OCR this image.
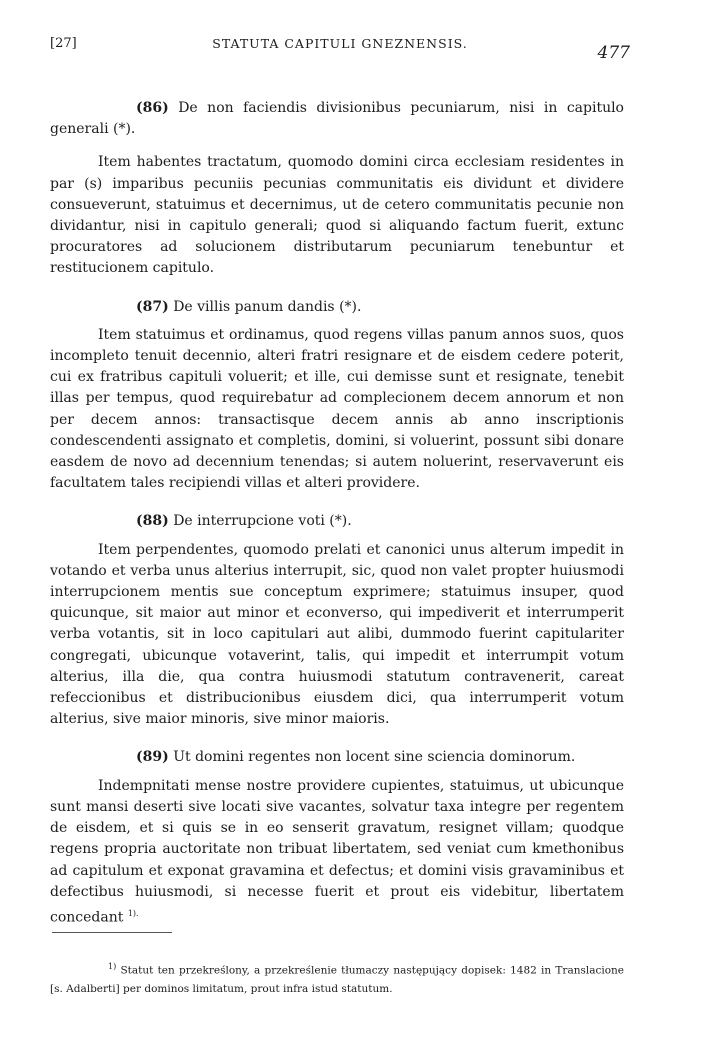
[27]	STATUTA CAPITULI GNEZNENSIS.	477

(86) De non faciendis divisionibus pecuniarum, nisi in capitulo generali (*).

Item habentes tractatum, quomodo domini circa ecclesiam residentes in par (s) imparibus pecuniis pecunias communitatis eis dividunt et dividere consueverunt, statuimus et decernimus, ut de cetero communitatis pecunie non dividantur, nisi in capitulo generali; quod si aliquando factum fuerit, extunc procuratores ad solucionem distributarum pecuniarum tenebuntur et restitucionem capitulo.

(87) De villis panum dandis (*).

Item statuimus et ordinamus, quod regens villas panum annos suos, quos incompleto tenuit decennio, alteri fratri resignare et de eisdem cedere poterit, cui ex fratribus capituli voluerit; et ille, cui demisse sunt et resignate, tenebit illas per tempus, quod requirebatur ad complecionem decem annorum et non per decem annos: transactisque decem annis ab anno inscriptionis condescendenti assignato et completis, domini, si voluerint, possunt sibi donare easdem de novo ad decennium tenendas; si autem noluerint, reservaverunt eis facultatem tales recipiendi villas et alteri providere.

(88) De interrupcione voti (*).

Item perpendentes, quomodo prelati et canonici unus alterum impedit in votando et verba unus alterius interrupit, sic, quod non valet propter huiusmodi interrupcionem mentis sue conceptum exprimere; statuimus insuper, quod quicunque, sit maior aut minor et econverso, qui impediverit et interrumperit verba votantis, sit in loco capitulari aut alibi, dummodo fuerint capitulariter congregati, ubicunque votaverint, talis, qui impedit et interrumpit votum alterius, illa die, qua contra huiusmodi statutum contravenerit, careat refeccionibus et distribucionibus eiusdem dici, qua interrumperit votum alterius, sive maior minoris, sive minor maioris.

(89) Ut domini regentes non locent sine sciencia dominorum.

Indempnitati mense nostre providere cupientes, statuimus, ut ubicunque sunt mansi deserti sive locati sive vacantes, solvatur taxa integre per regentem de eisdem, et si quis se in eo senserit gravatum, resignet villam; quodque regens propria auctoritate non tribuat libertatem, sed veniat cum kmethonibus ad capitulum et exponat gravamina et defectus; et domini visis gravaminibus et defectibus huiusmodi, si necesse fuerit et prout eis videbitur, libertatem concedant $^{1).}$

$^{1)}$ Statut ten przekreślony, a przekreślenie tłumaczy następujący dopisek: 1482 in Translacione [s. Adalberti] per dominos limitatum, prout infra istud statutum.
